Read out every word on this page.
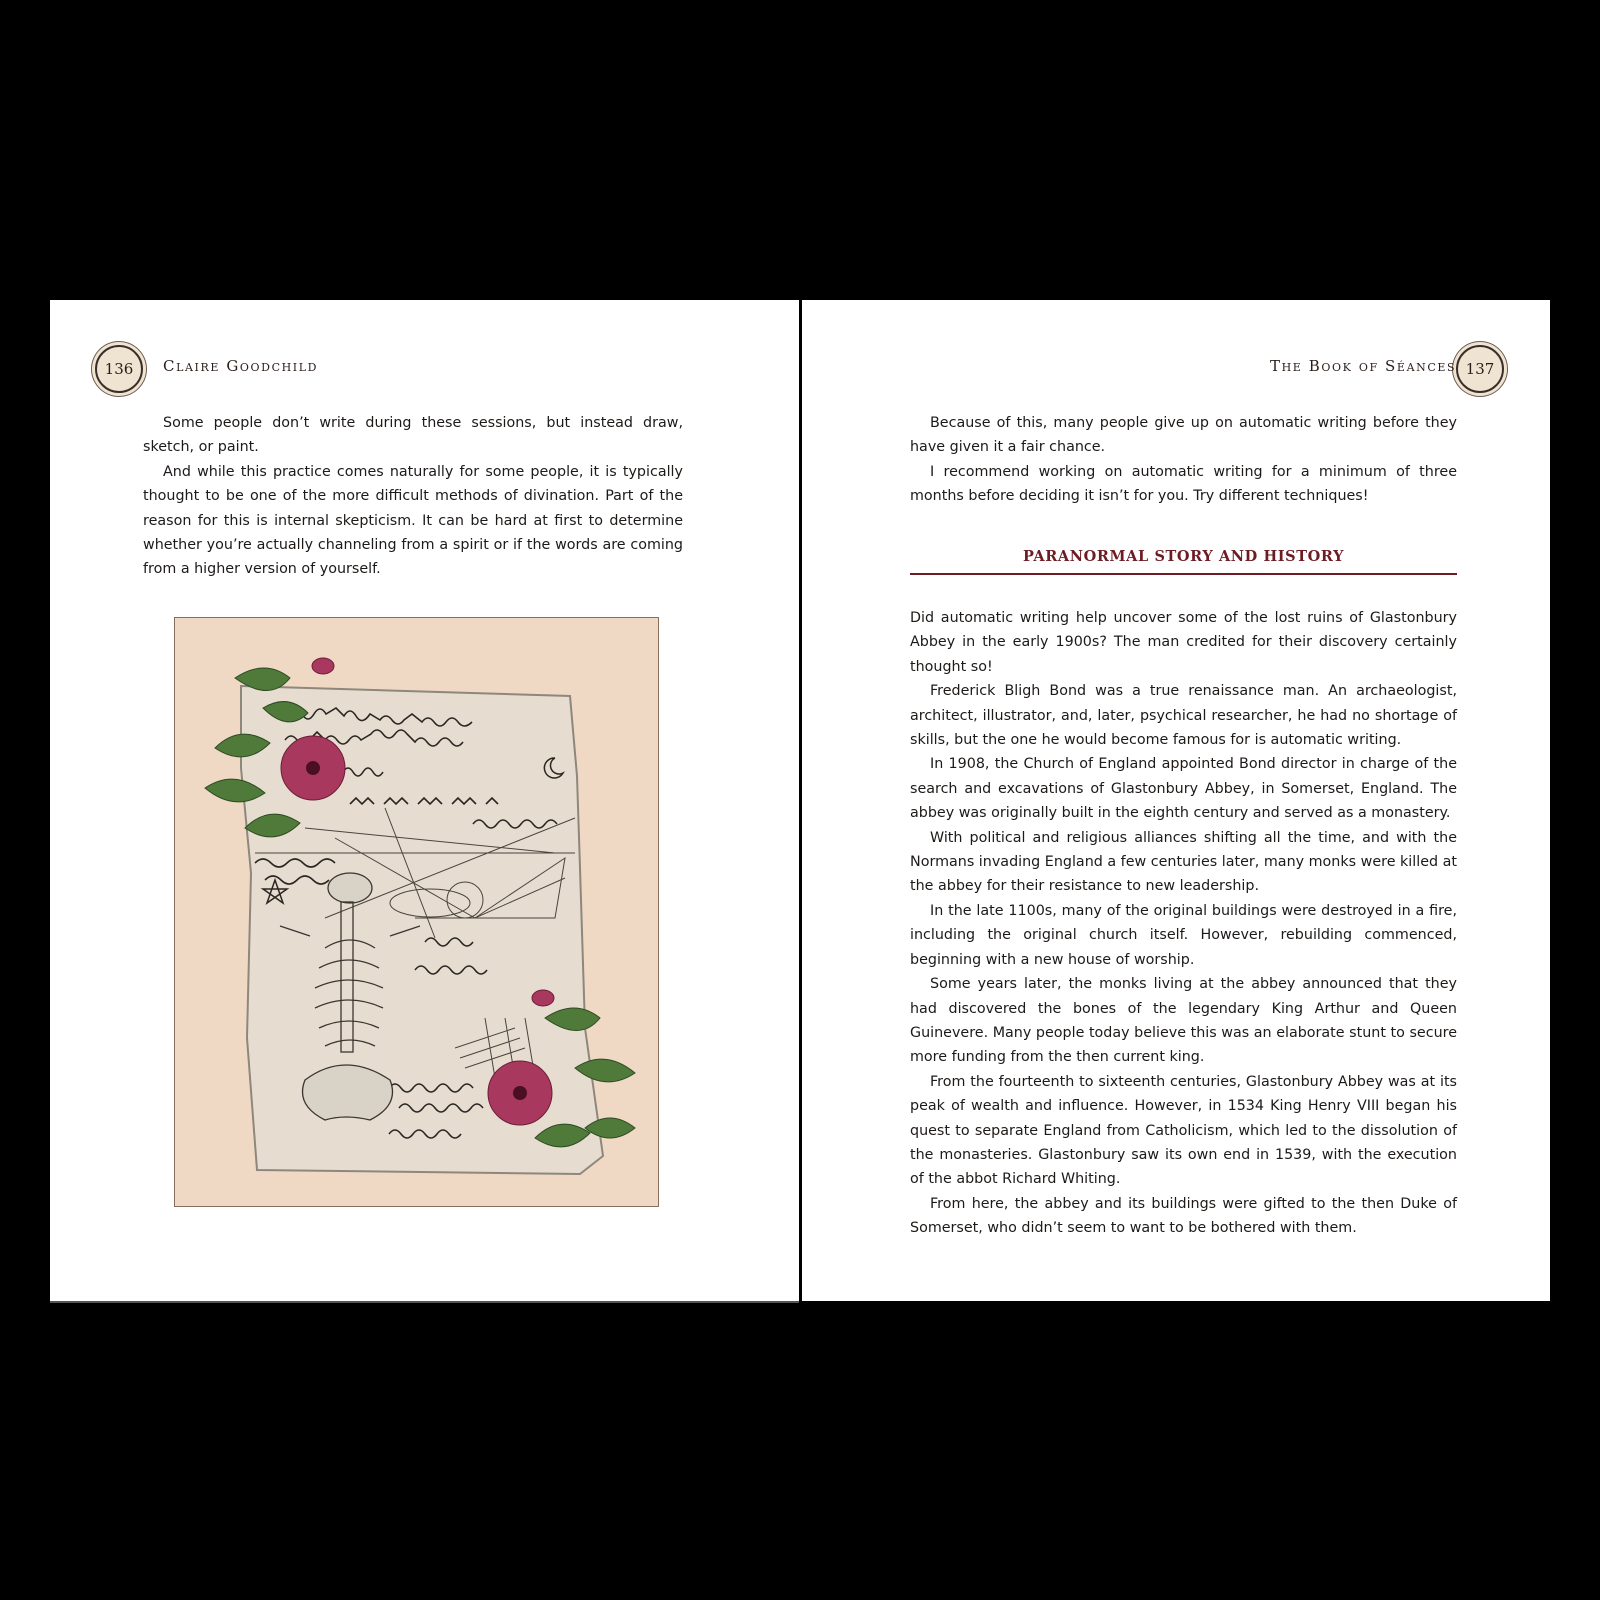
136	Claire Goodchild

Some people don’t write during these sessions, but instead draw, sketch, or paint.

And while this practice comes naturally for some people, it is typically thought to be one of the more difficult methods of divination. Part of the reason for this is internal skepticism. It can be hard at first to determine whether you’re actually channeling from a spirit or if the words are coming from a higher version of yourself.

137
The Book of Séances

Because of this, many people give up on automatic writing before they have given it a fair chance.

I recommend working on automatic writing for a minimum of three months before deciding it isn’t for you. Try different techniques!

PARANORMAL STORY AND HISTORY

Did automatic writing help uncover some of the lost ruins of Glastonbury Abbey in the early 1900s? The man credited for their discovery certainly thought so!

Frederick Bligh Bond was a true renaissance man. An archaeologist, architect, illustrator, and, later, psychical researcher, he had no shortage of skills, but the one he would become famous for is automatic writing.

In 1908, the Church of England appointed Bond director in charge of the search and excavations of Glastonbury Abbey, in Somerset, England. The abbey was originally built in the eighth century and served as a monastery.

With political and religious alliances shifting all the time, and with the Normans invading England a few centuries later, many monks were killed at the abbey for their resistance to new leadership.

In the late 1100s, many of the original buildings were destroyed in a fire, including the original church itself. However, rebuilding commenced, beginning with a new house of worship.

Some years later, the monks living at the abbey announced that they had discovered the bones of the legendary King Arthur and Queen Guinevere. Many people today believe this was an elaborate stunt to secure more funding from the then current king.

From the fourteenth to sixteenth centuries, Glastonbury Abbey was at its peak of wealth and influence. However, in 1534 King Henry VIII began his quest to separate England from Catholicism, which led to the dissolution of the monasteries. Glastonbury saw its own end in 1539, with the execution of the abbot Richard Whiting.

From here, the abbey and its buildings were gifted to the then Duke of Somerset, who didn’t seem to want to be bothered with them.
